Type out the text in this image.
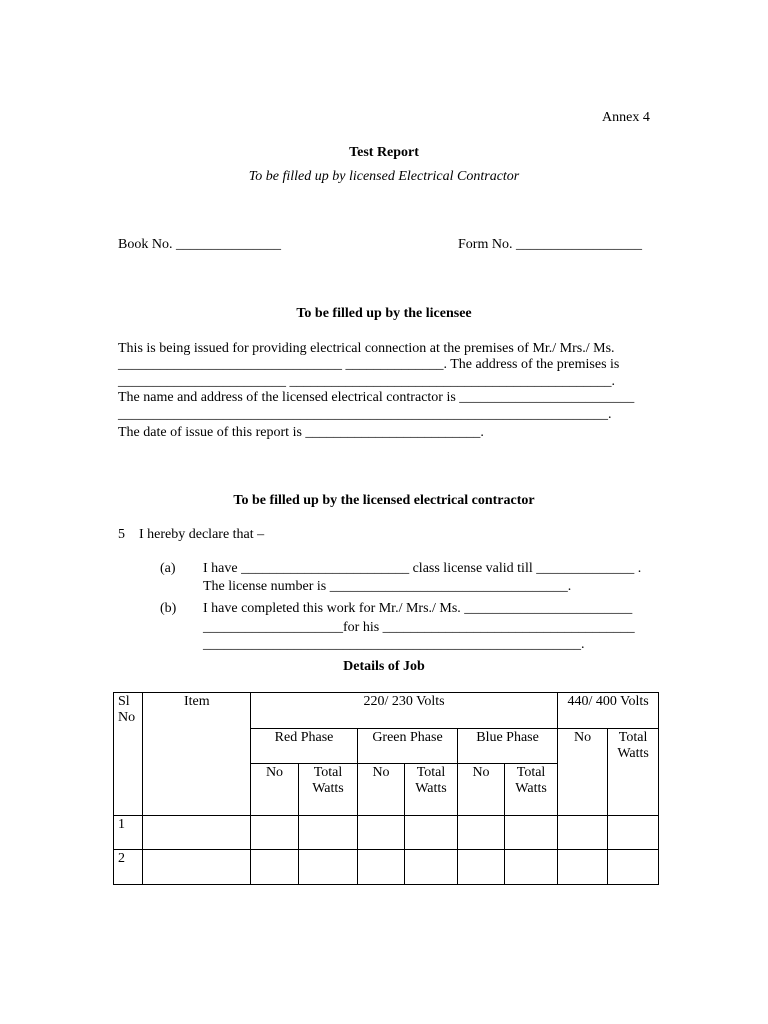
Annex 4
Test Report
To be filled up by licensed Electrical Contractor
Book No. _______________	Form No. __________________
To be filled up by the licensee
This is being issued for providing electrical connection at the premises of Mr./ Mrs./ Ms.
________________________________ ______________. The address of the premises is
________________________ ______________________________________________.
The name and address of the licensed electrical contractor is _________________________
______________________________________________________________________.
The date of issue of this report is _________________________.
To be filled up by the licensed electrical contractor
5    I hereby declare that –
(a) I have ________________________ class license valid till ______________ .
The license number is __________________________________.
(b) I have completed this work for Mr./ Mrs./ Ms. ________________________
____________________for his ____________________________________
______________________________________________________.
Details of Job
Sl No	Item	220/ 230 Volts						440/ 400 Volts	
		Red Phase		Green Phase		Blue Phase		No	Total Watts
		No	Total Watts	No	Total Watts	No	Total Watts		
1									
2									
